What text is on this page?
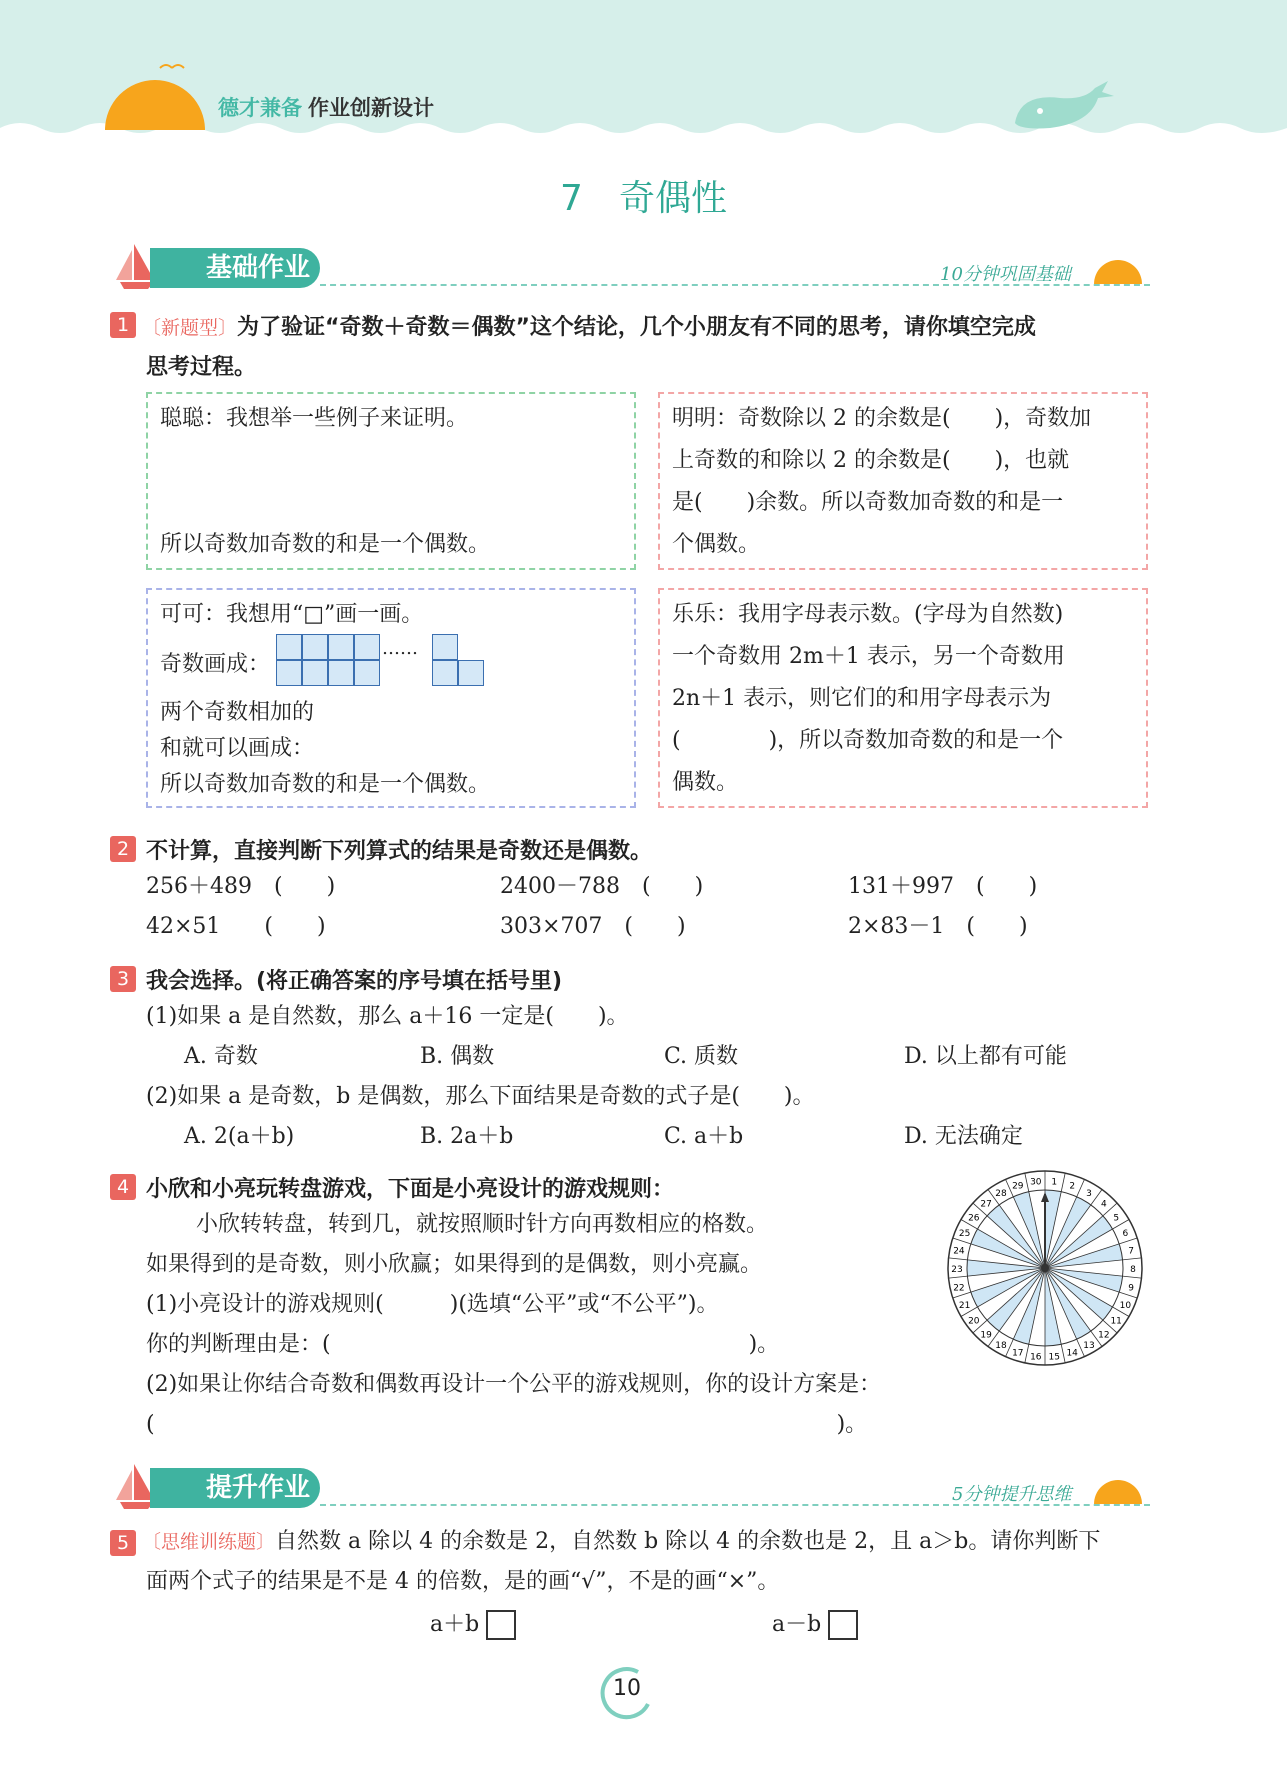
德才兼备 作业创新设计
7　奇偶性
基础作业	10分钟巩固基础
1 〔新题型〕为了验证“奇数＋奇数＝偶数”这个结论，几个小朋友有不同的思考，请你填空完成
思考过程。
聪聪：我想举一些例子来证明。
所以奇数加奇数的和是一个偶数。
明明：奇数除以 2 的余数是(　　)，奇数加
上奇数的和除以 2 的余数是(　　)，也就
是(　　)余数。所以奇数加奇数的和是一
个偶数。
可可：我想用“□”画一画。
奇数画成：
……
两个奇数相加的
和就可以画成：
所以奇数加奇数的和是一个偶数。
乐乐：我用字母表示数。(字母为自然数)
一个奇数用 2m＋1 表示，另一个奇数用
2n＋1 表示，则它们的和用字母表示为
(　　　　)，所以奇数加奇数的和是一个
偶数。
2 不计算，直接判断下列算式的结果是奇数还是偶数。
256＋489　(　　)	2400－788　(　　)	131＋997　(　　)
42×51　　(　　)	303×707　(　　)	2×83－1　(　　)
3 我会选择。(将正确答案的序号填在括号里)
(1)如果 a 是自然数，那么 a＋16 一定是(　　)。
A. 奇数	B. 偶数	C. 质数	D. 以上都有可能
(2)如果 a 是奇数，b 是偶数，那么下面结果是奇数的式子是(　　)。
A. 2(a＋b)	B. 2a＋b	C. a＋b	D. 无法确定
4 小欣和小亮玩转盘游戏，下面是小亮设计的游戏规则：
小欣转转盘，转到几，就按照顺时针方向再数相应的格数。
如果得到的是奇数，则小欣赢；如果得到的是偶数，则小亮赢。
(1)小亮设计的游戏规则(　　　)(选填“公平”或“不公平”)。
你的判断理由是：(　　　　　　　　　　　　　　　　　　　)。
(2)如果让你结合奇数和偶数再设计一个公平的游戏规则，你的设计方案是：
(　　　　　　　　　　　　　　　　　　　　　　　　　　　　　　　)。
1 2
3
4
5
6
7
8
9
10
11
12
13
14
15
16
17
18
19
20
21
22
23
24
25
26
27
28
29 30
提升作业	5分钟提升思维
5 〔思维训练题〕自然数 a 除以 4 的余数是 2，自然数 b 除以 4 的余数也是 2，且 a＞b。请你判断下
面两个式子的结果是不是 4 的倍数，是的画“√”，不是的画“×”。
a＋b	a－b
10
